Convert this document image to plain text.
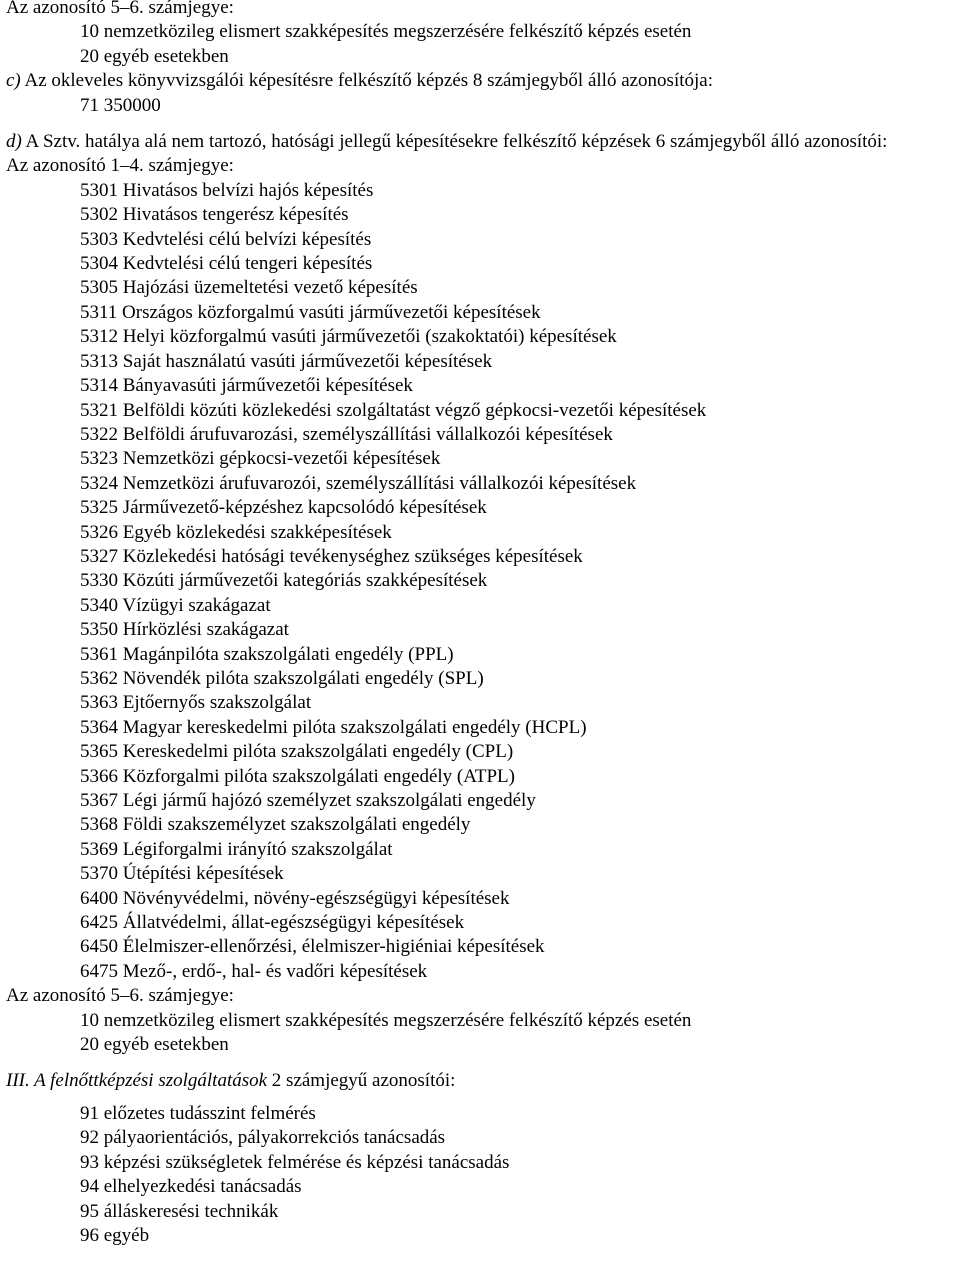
Az azonosító 5–6. számjegye:
10 nemzetközileg elismert szakképesítés megszerzésére felkészítő képzés esetén
20 egyéb esetekben
c) Az okleveles könyvvizsgálói képesítésre felkészítő képzés 8 számjegyből álló azonosítója:
71 350000
d) A Sztv. hatálya alá nem tartozó, hatósági jellegű képesítésekre felkészítő képzések 6 számjegyből álló azonosítói:
Az azonosító 1–4. számjegye:
5301 Hivatásos belvízi hajós képesítés
5302 Hivatásos tengerész képesítés
5303 Kedvtelési célú belvízi képesítés
5304 Kedvtelési célú tengeri képesítés
5305 Hajózási üzemeltetési vezető képesítés
5311 Országos közforgalmú vasúti járművezetői képesítések
5312 Helyi közforgalmú vasúti járművezetői (szakoktatói) képesítések
5313 Saját használatú vasúti járművezetői képesítések
5314 Bányavasúti járművezetői képesítések
5321 Belföldi közúti közlekedési szolgáltatást végző gépkocsi-vezetői képesítések
5322 Belföldi árufuvarozási, személyszállítási vállalkozói képesítések
5323 Nemzetközi gépkocsi-vezetői képesítések
5324 Nemzetközi árufuvarozói, személyszállítási vállalkozói képesítések
5325 Járművezető-képzéshez kapcsolódó képesítések
5326 Egyéb közlekedési szakképesítések
5327 Közlekedési hatósági tevékenységhez szükséges képesítések
5330 Közúti járművezetői kategóriás szakképesítések
5340 Vízügyi szakágazat
5350 Hírközlési szakágazat
5361 Magánpilóta szakszolgálati engedély (PPL)
5362 Növendék pilóta szakszolgálati engedély (SPL)
5363 Ejtőernyős szakszolgálat
5364 Magyar kereskedelmi pilóta szakszolgálati engedély (HCPL)
5365 Kereskedelmi pilóta szakszolgálati engedély (CPL)
5366 Közforgalmi pilóta szakszolgálati engedély (ATPL)
5367 Légi jármű hajózó személyzet szakszolgálati engedély
5368 Földi szakszemélyzet szakszolgálati engedély
5369 Légiforgalmi irányító szakszolgálat
5370 Útépítési képesítések
6400 Növényvédelmi, növény-egészségügyi képesítések
6425 Állatvédelmi, állat-egészségügyi képesítések
6450 Élelmiszer-ellenőrzési, élelmiszer-higiéniai képesítések
6475 Mező-, erdő-, hal- és vadőri képesítések
Az azonosító 5–6. számjegye:
10 nemzetközileg elismert szakképesítés megszerzésére felkészítő képzés esetén
20 egyéb esetekben
III. A felnőttképzési szolgáltatások 2 számjegyű azonosítói:
91 előzetes tudásszint felmérés
92 pályaorientációs, pályakorrekciós tanácsadás
93 képzési szükségletek felmérése és képzési tanácsadás
94 elhelyezkedési tanácsadás
95 álláskeresési technikák
96 egyéb
